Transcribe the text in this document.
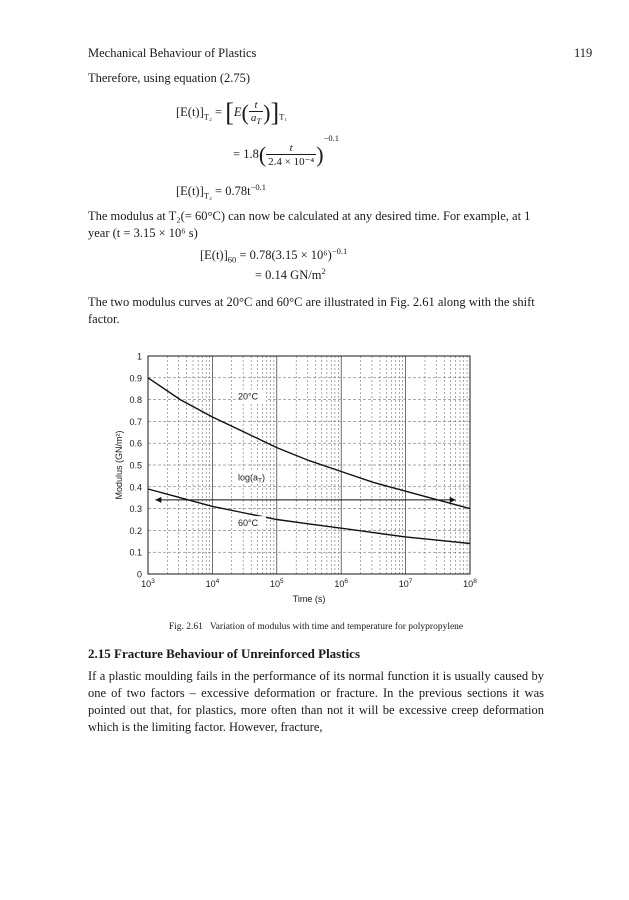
Mechanical Behaviour of Plastics	119
Therefore, using equation (2.75)
$[E(t)]_{T_2} = [E( \frac{t}{a_T} )]_{T_1}$
= $1.8( \frac{t}{\text{2.4 × 10⁻⁴}} )^{-0.1}$
$[E(t)]_{T_2} = 0.78t^{-0.1}$
The modulus at T₂(= 60°C) can now be calculated at any desired time. For example, at 1 year (t = 3.15 × 10⁶ s)
$[E(t)]_{60} = 0.78(3.15 \times 10^6)^{-0.1}$
= 0.14 $GN/m^2$
The two modulus curves at 20°C and 60°C are illustrated in Fig. 2.61 along with the shift factor.
0
0.1
0.2
0.3
0.4
0.5
0.6
0.7
0.8
0.9
1
$10^3$	$10^4$	$10^5$	$10^6$	$10^7$	$10^8$
Time (s)
Modulus (GN/m²)
20°C
$\log(a_T)$
60°C
Fig. 2.61 Variation of modulus with time and temperature for polypropylene
2.15 Fracture Behaviour of Unreinforced Plastics
If a plastic moulding fails in the performance of its normal function it is usually caused by one of two factors – excessive deformation or fracture. In the previous sections it was pointed out that, for plastics, more often than not it will be excessive creep deformation which is the limiting factor. However, fracture,
